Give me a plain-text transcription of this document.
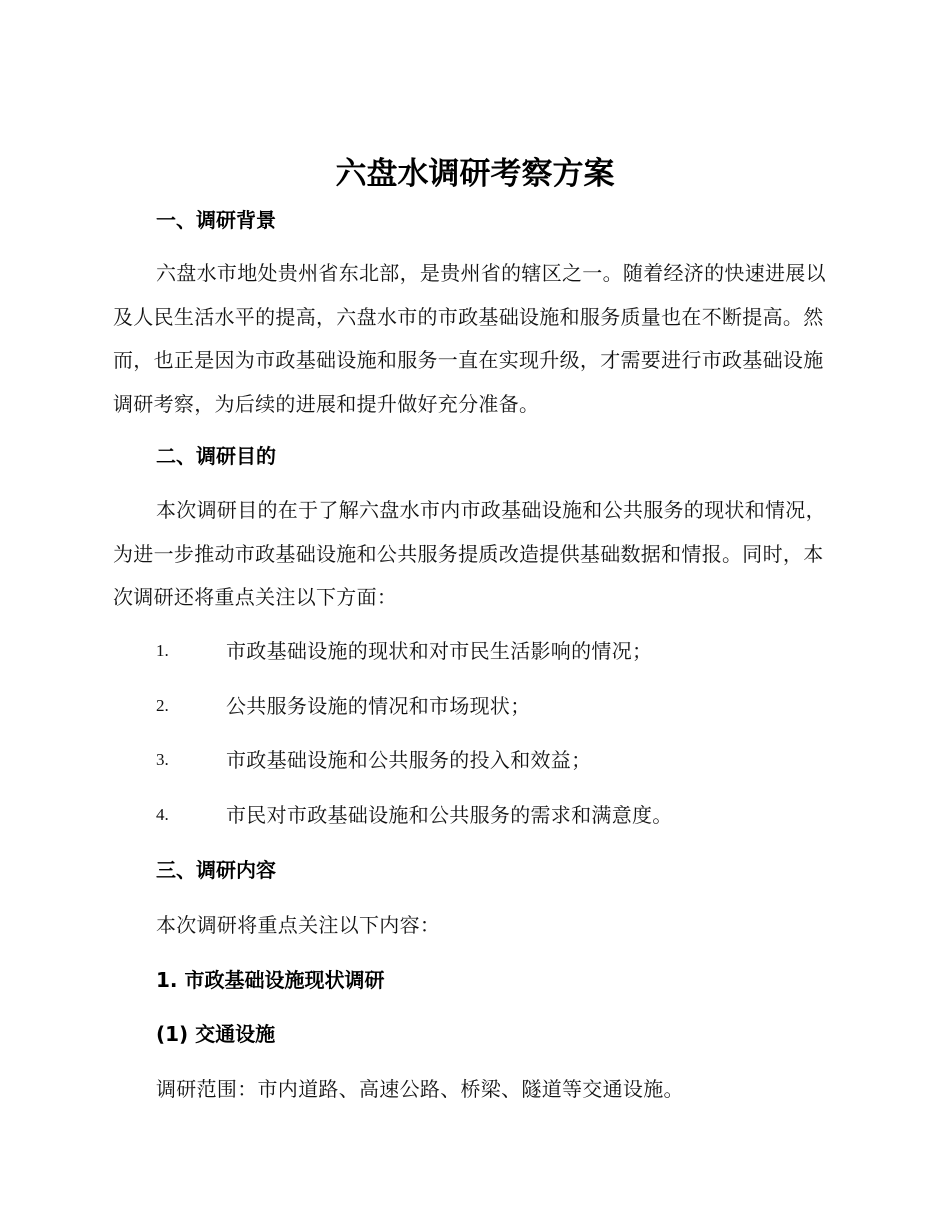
六盘水调研考察方案
一、调研背景

六盘水市地处贵州省东北部，是贵州省的辖区之一。随着经济的快速进展以及人民生活水平的提高，六盘水市的市政基础设施和服务质量也在不断提高。然而，也正是因为市政基础设施和服务一直在实现升级，才需要进行市政基础设施调研考察，为后续的进展和提升做好充分准备。

二、调研目的

本次调研目的在于了解六盘水市内市政基础设施和公共服务的现状和情况，为进一步推动市政基础设施和公共服务提质改造提供基础数据和情报。同时，本次调研还将重点关注以下方面：

1.	市政基础设施的现状和对市民生活影响的情况；
2.	公共服务设施的情况和市场现状；
3.	市政基础设施和公共服务的投入和效益；
4.	市民对市政基础设施和公共服务的需求和满意度。
三、调研内容
本次调研将重点关注以下内容：
1. 市政基础设施现状调研
(1) 交通设施
调研范围：市内道路、高速公路、桥梁、隧道等交通设施。
